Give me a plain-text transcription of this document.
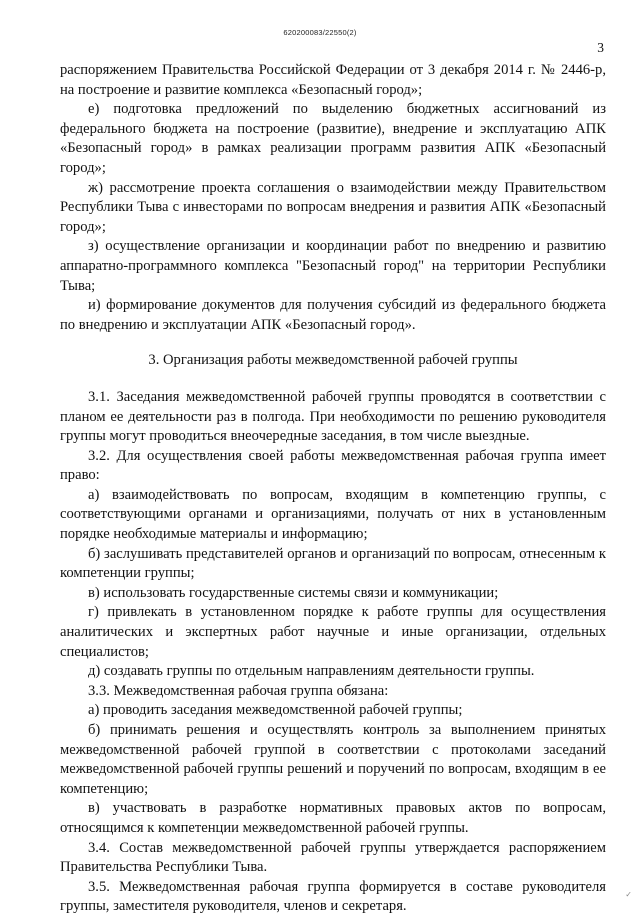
620200083/22550(2)
3

распоряжением Правительства Российской Федерации от 3 декабря 2014 г. № 2446-р, на построение и развитие комплекса «Безопасный город»;

е) подготовка предложений по выделению бюджетных ассигнований из федерального бюджета на построение (развитие), внедрение и эксплуатацию АПК «Безопасный город» в рамках реализации программ развития АПК «Безопасный город»;

ж) рассмотрение проекта соглашения о взаимодействии между Правительством Республики Тыва с инвесторами по вопросам внедрения и развития АПК «Безопасный город»;

з) осуществление организации и координации работ по внедрению и развитию аппаратно-программного комплекса "Безопасный город" на территории Республики Тыва;

и) формирование документов для получения субсидий из федерального бюджета по внедрению и эксплуатации АПК «Безопасный город».

3. Организация работы межведомственной рабочей группы

3.1. Заседания межведомственной рабочей группы проводятся в соответствии с планом ее деятельности раз в полгода. При необходимости по решению руководителя группы могут проводиться внеочередные заседания, в том числе выездные.

3.2. Для осуществления своей работы межведомственная рабочая группа имеет право:

а) взаимодействовать по вопросам, входящим в компетенцию группы, с соответствующими органами и организациями, получать от них в установленным порядке необходимые материалы и информацию;

б) заслушивать представителей органов и организаций по вопросам, отнесенным к компетенции группы;

в) использовать государственные системы связи и коммуникации;

г) привлекать в установленном порядке к работе группы для осуществления аналитических и экспертных работ научные и иные организации, отдельных специалистов;

д) создавать группы по отдельным направлениям деятельности группы.

3.3. Межведомственная рабочая группа обязана:

а) проводить заседания межведомственной рабочей группы;

б) принимать решения и осуществлять контроль за выполнением принятых межведомственной рабочей группой в соответствии с протоколами заседаний межведомственной рабочей группы решений и поручений по вопросам, входящим в ее компетенцию;

в) участвовать в разработке нормативных правовых актов по вопросам, относящимся к компетенции межведомственной рабочей группы.

3.4. Состав межведомственной рабочей группы утверждается распоряжением Правительства Республики Тыва.

3.5. Межведомственная рабочая группа формируется в составе руководителя группы, заместителя руководителя, членов и секретаря.

✓
